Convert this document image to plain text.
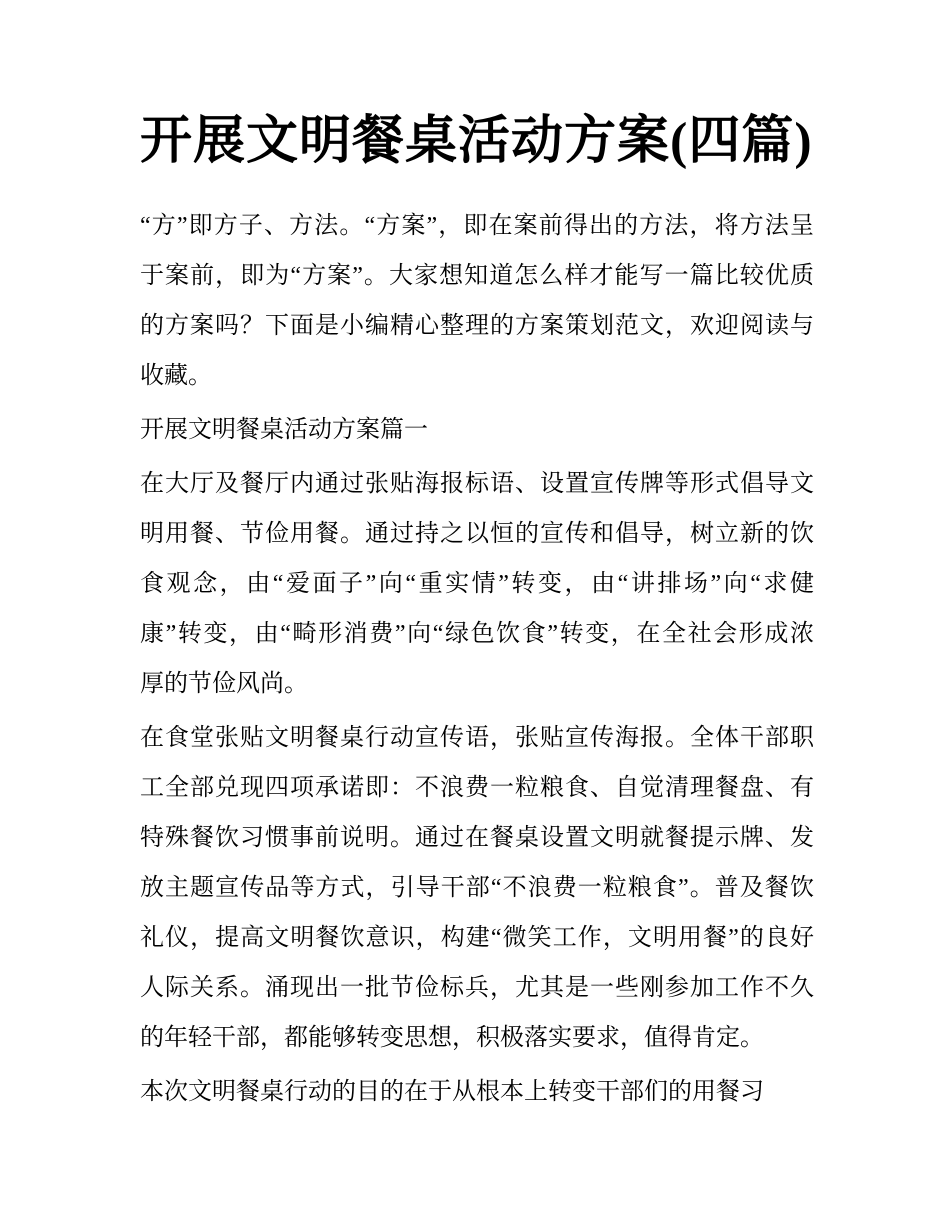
开展文明餐桌活动方案(四篇)
“方”即方子、方法。“方案”，即在案前得出的方法，将方法呈
于案前，即为“方案”。大家想知道怎么样才能写一篇比较优质
的方案吗？下面是小编精心整理的方案策划范文，欢迎阅读与
收藏。
开展文明餐桌活动方案篇一
在大厅及餐厅内通过张贴海报标语、设置宣传牌等形式倡导文
明用餐、节俭用餐。通过持之以恒的宣传和倡导，树立新的饮
食观念，由“爱面子”向“重实情”转变，由“讲排场”向“求健
康”转变，由“畸形消费”向“绿色饮食”转变，在全社会形成浓
厚的节俭风尚。
在食堂张贴文明餐桌行动宣传语，张贴宣传海报。全体干部职
工全部兑现四项承诺即：不浪费一粒粮食、自觉清理餐盘、有
特殊餐饮习惯事前说明。通过在餐桌设置文明就餐提示牌、发
放主题宣传品等方式，引导干部“不浪费一粒粮食”。普及餐饮
礼仪，提高文明餐饮意识，构建“微笑工作，文明用餐”的良好
人际关系。涌现出一批节俭标兵，尤其是一些刚参加工作不久
的年轻干部，都能够转变思想，积极落实要求，值得肯定。
本次文明餐桌行动的目的在于从根本上转变干部们的用餐习
